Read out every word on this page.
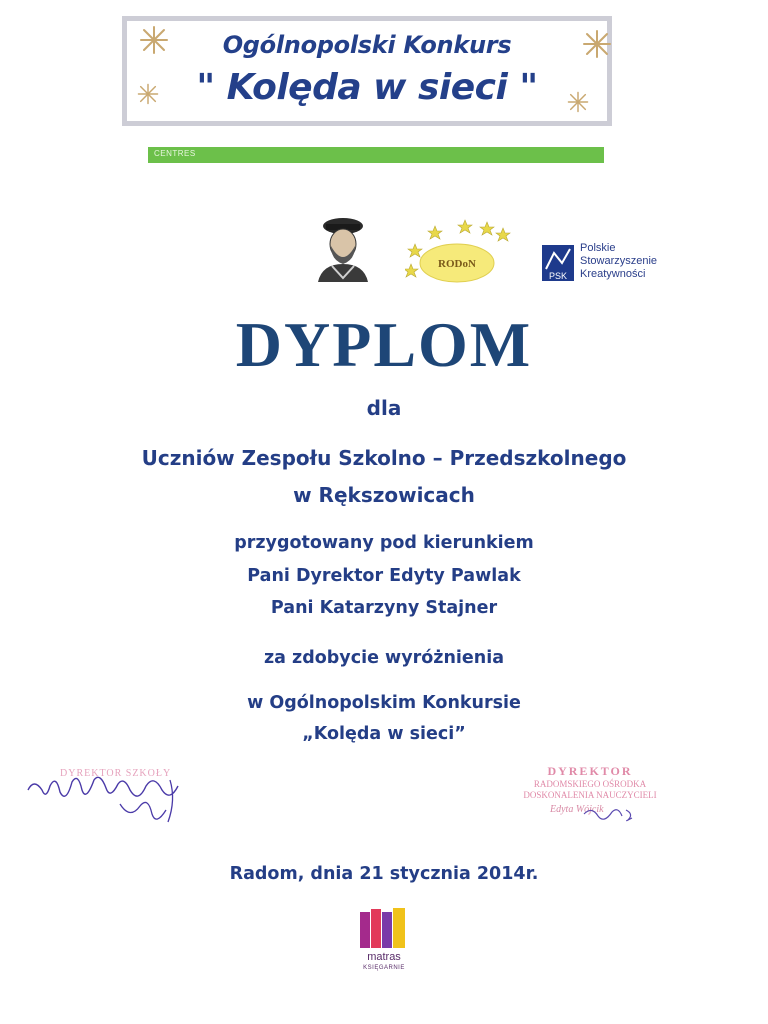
Ogólnopolski Konkurs
" Kolęda w sieci "
CENTRES
RODoN
PSK
Polskie
Stowarzyszenie
Kreatywności
DYPLOM
dla
Uczniów Zespołu Szkolno – Przedszkolnego
w Rększowicach
przygotowany pod kierunkiem
Pani Dyrektor Edyty Pawlak
Pani Katarzyny Stajner
za zdobycie wyróżnienia
w Ogólnopolskim Konkursie
„Kolęda w sieci”
DYREKTOR SZKOŁY	DYREKTOR
RADOMSKIEGO OŚRODKA
DOSKONALENIA NAUCZYCIELI
Edyta Wójcik
Radom, dnia 21 stycznia 2014r.
matras
KSIĘGARNIE
